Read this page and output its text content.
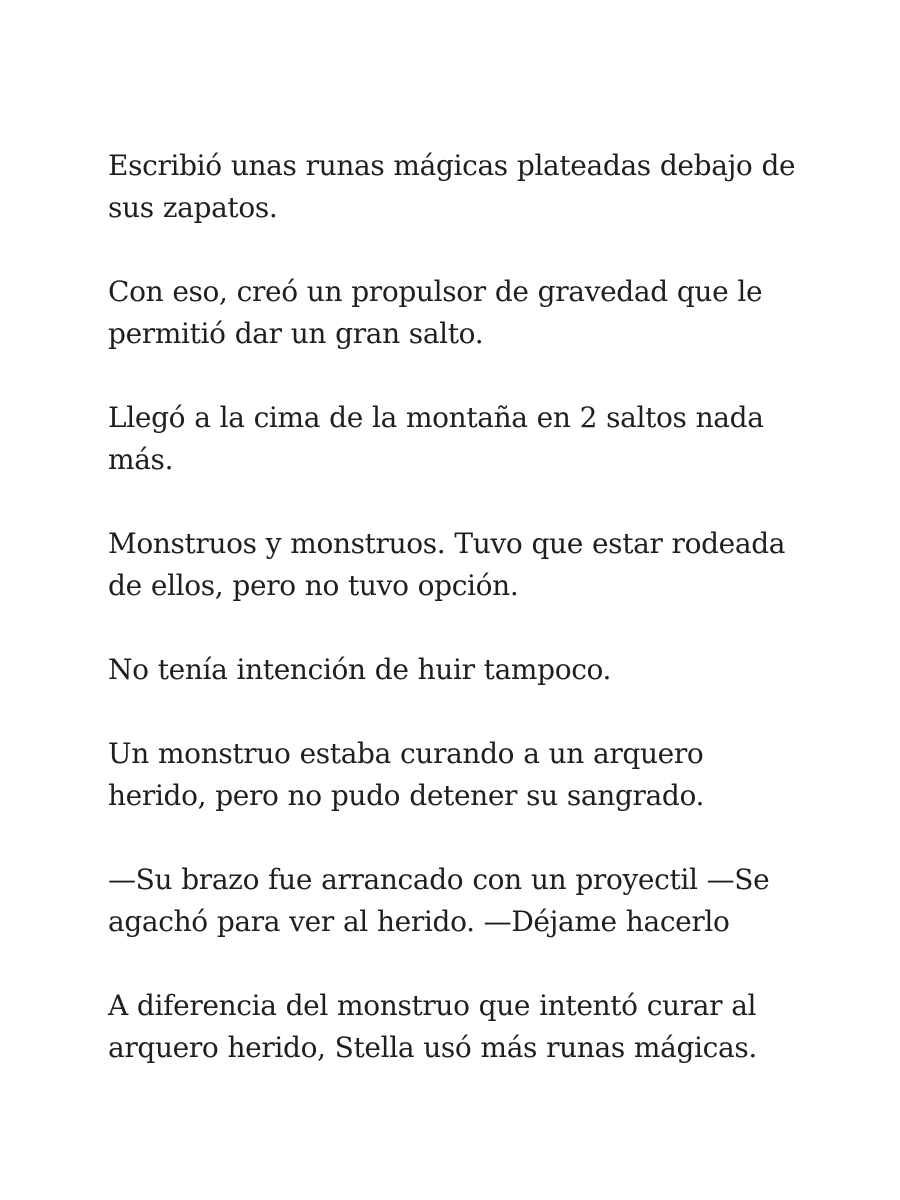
Escribió unas runas mágicas plateadas debajo de sus zapatos.

Con eso, creó un propulsor de gravedad que le permitió dar un gran salto.

Llegó a la cima de la montaña en 2 saltos nada más.

Monstruos y monstruos. Tuvo que estar rodeada de ellos, pero no tuvo opción.

No tenía intención de huir tampoco.

Un monstruo estaba curando a un arquero herido, pero no pudo detener su sangrado.

—Su brazo fue arrancado con un proyectil —Se agachó para ver al herido. —Déjame hacerlo

A diferencia del monstruo que intentó curar al arquero herido, Stella usó más runas mágicas.
